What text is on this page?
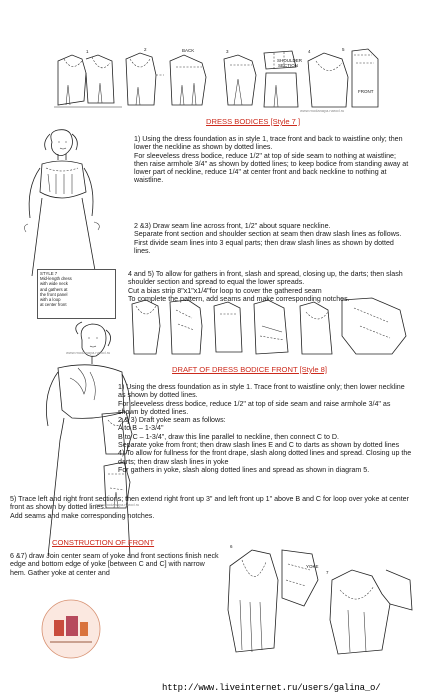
1	2	BACK	3
SHOULDER
SECTION
4	5
FRONT
www.modanaya.narod.ru
DRESS BODICES [Style 7 ]
1) Using the dress foundation as in style 1, trace front and back to waistline only; then lower the neckline as shown by dotted lines.
For sleeveless dress bodice, reduce 1/2" at top of side seam to nothing at waistline; then raise armhole 3/4" as shown by dotted lines; to keep bodice from standing away at lower part of neckline, reduce 1/4" at center front and back neckline to nothing at waistline.
2 &3) Draw seam line across front, 1/2" about square neckline.
Separate front section and shoulder section at seam then draw slash lines as follows.
First divide seam lines into 3 equal parts; then draw slash lines as shown by dotted lines.
4 and 5) To allow for gathers in front, slash and spread, closing up, the darts; then slash shoulder section and spread to equal the lower spreads.
Cut a bias strip 8"x1"x1/4"for loop to cover the gathered seam
To complete the pattern, add seams and make corresponding notches.
STYLE 7
Mid-length dress
with wide neck
and gathers at
the front panel
with a loop
at center front
www.modanaya.narod.ru
DRAFT OF DRESS BODICE FRONT [Style 8]
www.modanaya.narod.ru
1) Using the dress foundation as in style 1. Trace front to waistline only; then lower neckline as shown by dotted lines.
For sleeveless dress bodice, reduce 1/2" at top of side seam and raise armhole 3/4" as shown by dotted lines.
2 & 3) Draft yoke seam as follows:
A to B – 1-3/4"
B to C – 1-3/4", draw this line parallel to neckline, then connect C to D.
Separate yoke from front; then draw slash lines E and C to darts as shown by dotted lines
4) To allow for fullness for the front drape, slash along dotted lines and spread. Closing up the darts; then draw slash lines in yoke
For gathers in yoke, slash along dotted lines and spread as shown in diagram 5.
5) Trace left and right front sections; then extend right front up 3" and left front up 1" above B and C for loop over yoke at center front as shown by dotted lines.
Add seams and make corresponding notches.
CONSTRUCTION OF FRONT
6 &7) draw Join center seam of yoke and front sections finish neck edge and bottom edge of yoke [between C and C] with narrow hem. Gather yoke at center and
6
7
YOKE
http://www.liveinternet.ru/users/galina_o/
